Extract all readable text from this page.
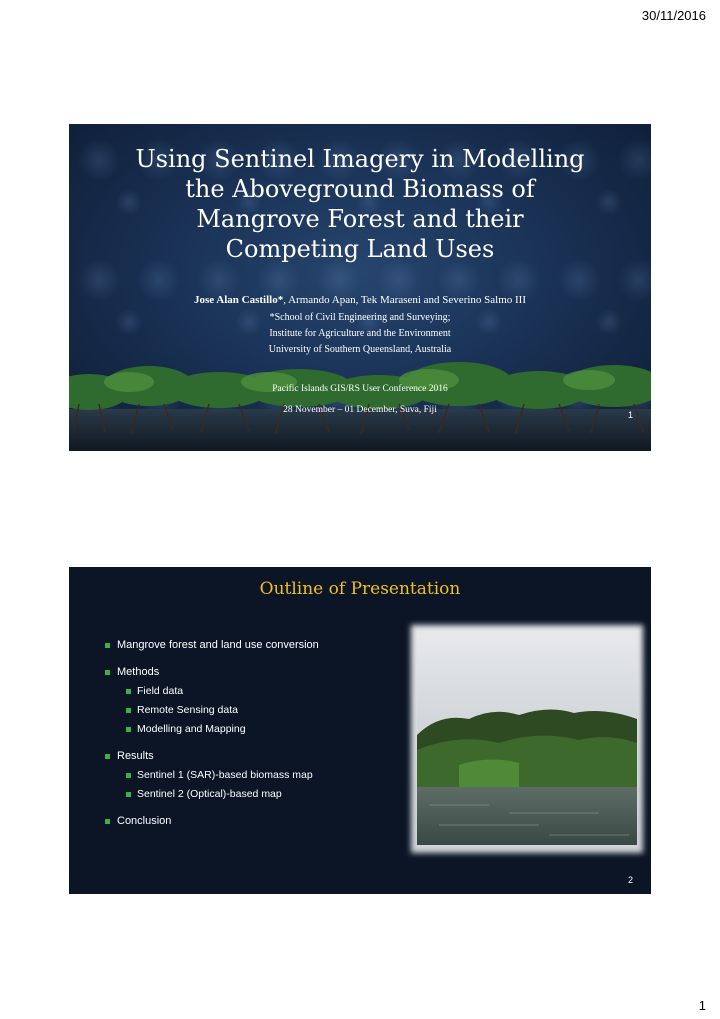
30/11/2016
Using Sentinel Imagery in Modelling
the Aboveground Biomass of
Mangrove Forest and their
Competing Land Uses
Jose Alan Castillo*, Armando Apan, Tek Maraseni and Severino Salmo III
*School of Civil Engineering and Surveying;
Institute for Agriculture and the Environment
University of Southern Queensland, Australia
Pacific Islands GIS/RS User Conference 2016
28 November – 01 December, Suva, Fiji	1
Outline of Presentation
Mangrove forest and land use conversion
Methods
Field data
Remote Sensing data
Modelling and Mapping
Results
Sentinel 1 (SAR)-based biomass map
Sentinel 2 (Optical)-based map
Conclusion
2
1
